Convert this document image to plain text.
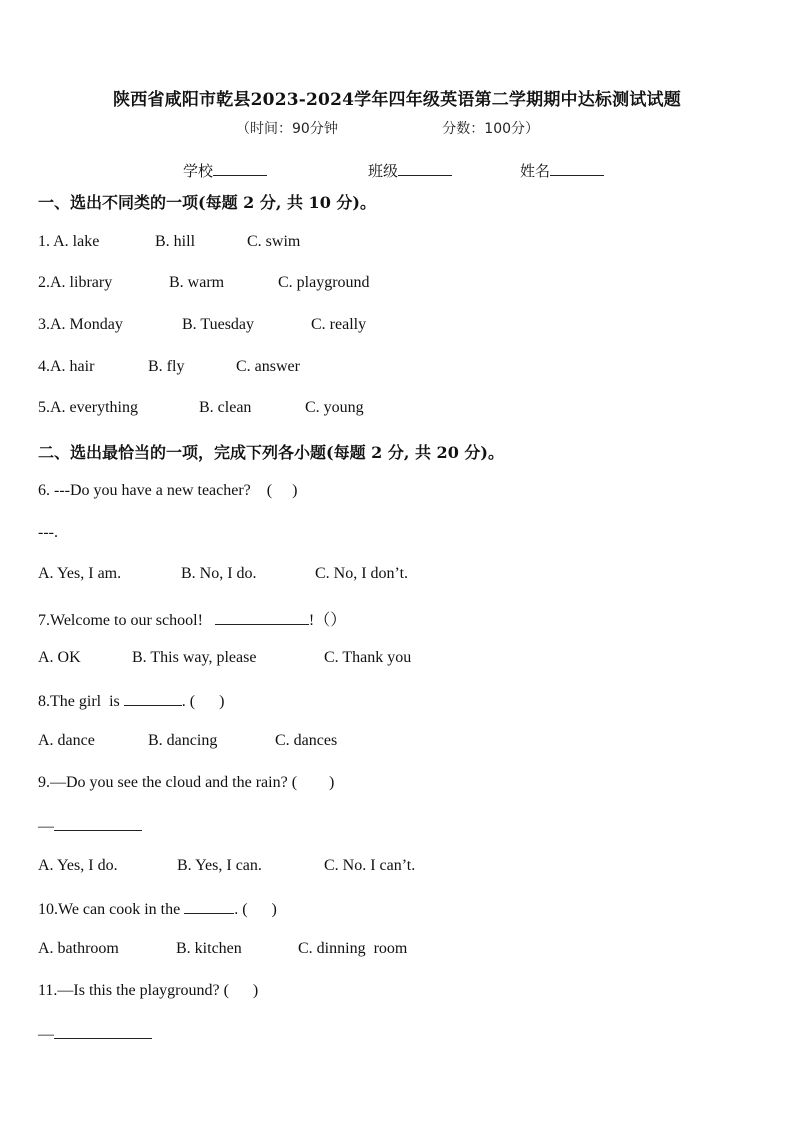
陕西省咸阳市乾县2023-2024学年四年级英语第二学期期中达标测试试题
（时间：90分钟	分数：100分）
学校	班级	姓名
一、选出不同类的一项(每题 2 分, 共 10 分)。
1. A. lake	B. hill	C. swim
2.A. library	B. warm	C. playground
3.A. Monday	B. Tuesday	C. really
4.A. hair	B. fly	C. answer
5.A. everything	B. clean	C. young
二、选出最恰当的一项，完成下列各小题(每题 2 分, 共 20 分)。
6. ---Do you have a new teacher?    (     )
---.
A. Yes, I am.	B. No, I do.	C. No, I don’t.
7.Welcome to our school!	!（）
A. OK	B. This way, please	C. Thank you
8.The girl  is	. (      )
A. dance	B. dancing	C. dances
9.—Do you see the cloud and the rain? (        )
—
A. Yes, I do.	B. Yes, I can.	C. No. I can’t.
10.We can cook in the	. (      )
A. bathroom	B. kitchen	C. dinning  room
11.—Is this the playground? (      )
—
